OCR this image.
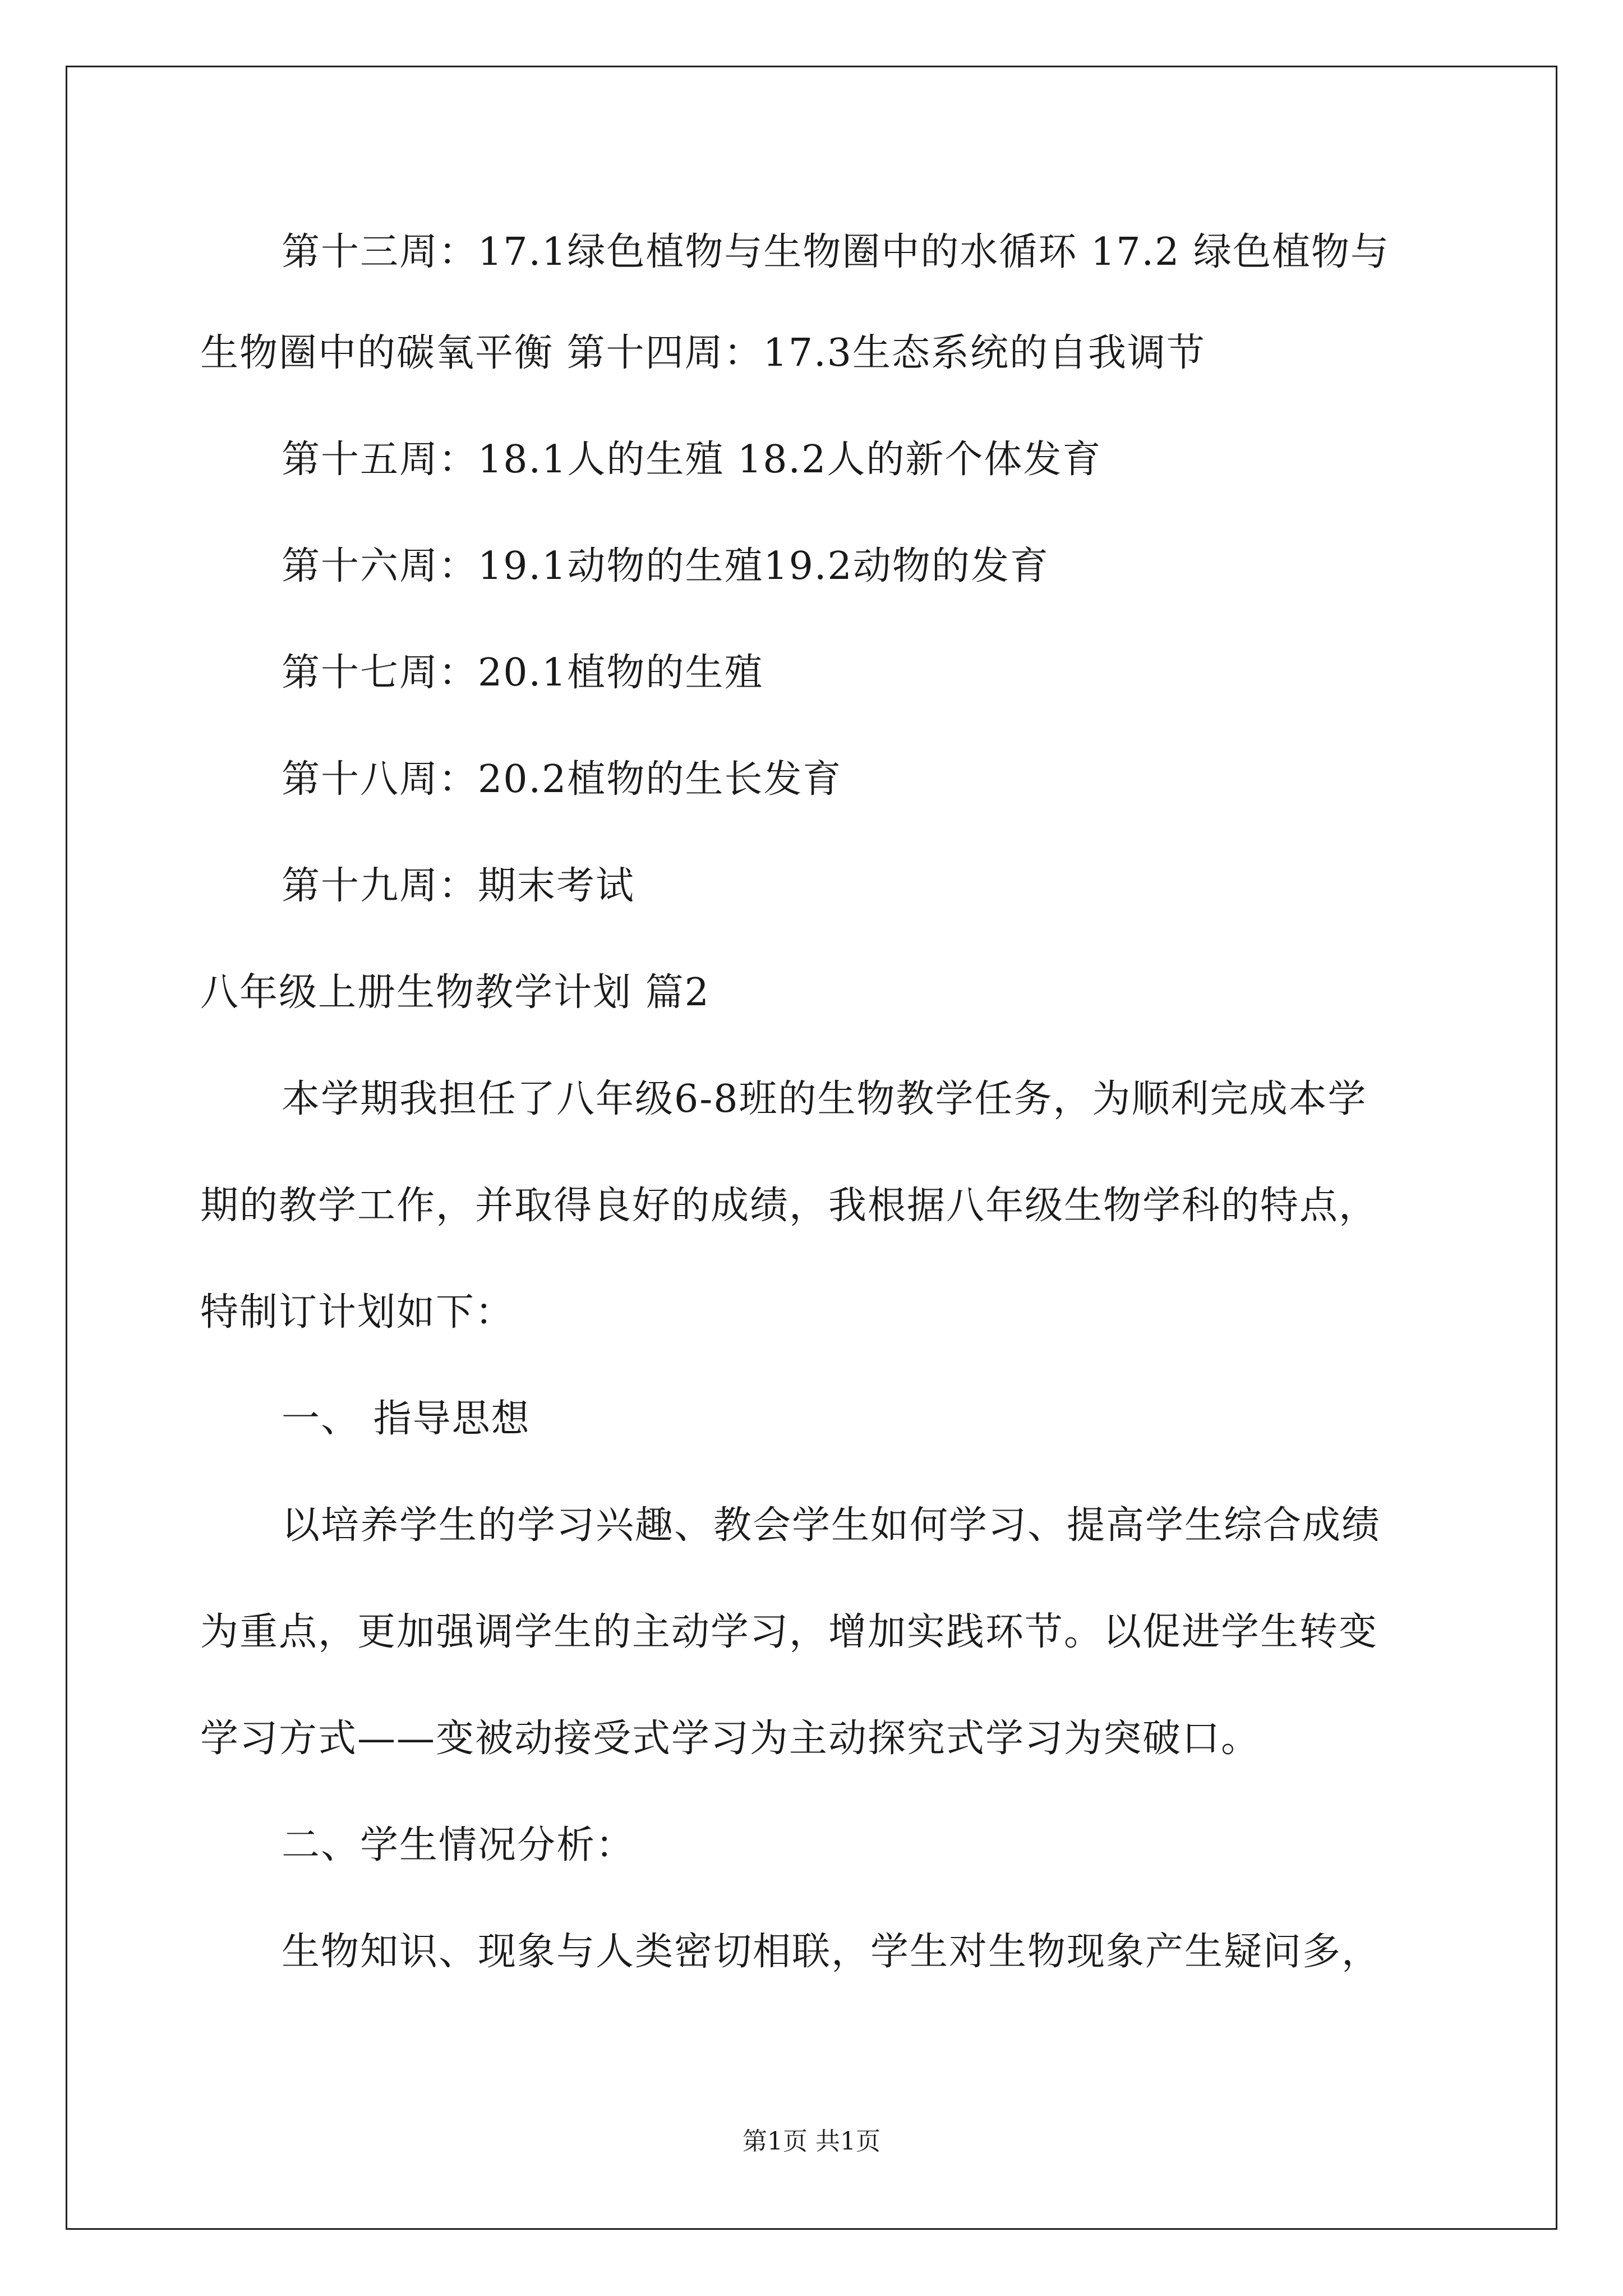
第十三周：17.1绿色植物与生物圈中的水循环 17.2 绿色植物与
生物圈中的碳氧平衡 第十四周：17.3生态系统的自我调节
第十五周：18.1人的生殖 18.2人的新个体发育
第十六周：19.1动物的生殖19.2动物的发育
第十七周：20.1植物的生殖
第十八周：20.2植物的生长发育
第十九周：期末考试
八年级上册生物教学计划 篇2
本学期我担任了八年级6-8班的生物教学任务，为顺利完成本学
期的教学工作，并取得良好的成绩，我根据八年级生物学科的特点，
特制订计划如下：
一、 指导思想
以培养学生的学习兴趣、教会学生如何学习、提高学生综合成绩
为重点，更加强调学生的主动学习，增加实践环节。以促进学生转变
学习方式——变被动接受式学习为主动探究式学习为突破口。
二、学生情况分析：
生物知识、现象与人类密切相联，学生对生物现象产生疑问多，
第1页 共1页
